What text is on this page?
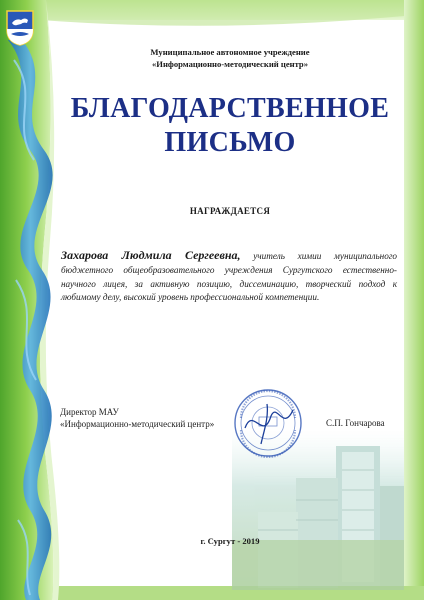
Муниципальное автономное учреждение
«Информационно-методический центр»
БЛАГОДАРСТВЕННОЕ
ПИСЬМО
НАГРАЖДАЕТСЯ
Захарова Людмила Сергеевна, учитель химии муниципального бюджетного общеобразовательного учреждения Сургутского естественно-научного лицея, за активную позицию, диссеминацию, творческий подход к любимому делу, высокий уровень профессиональной компетенции.
Директор МАУ
«Информационно-методический центр»	С.П. Гончарова
г. Сургут - 2019
